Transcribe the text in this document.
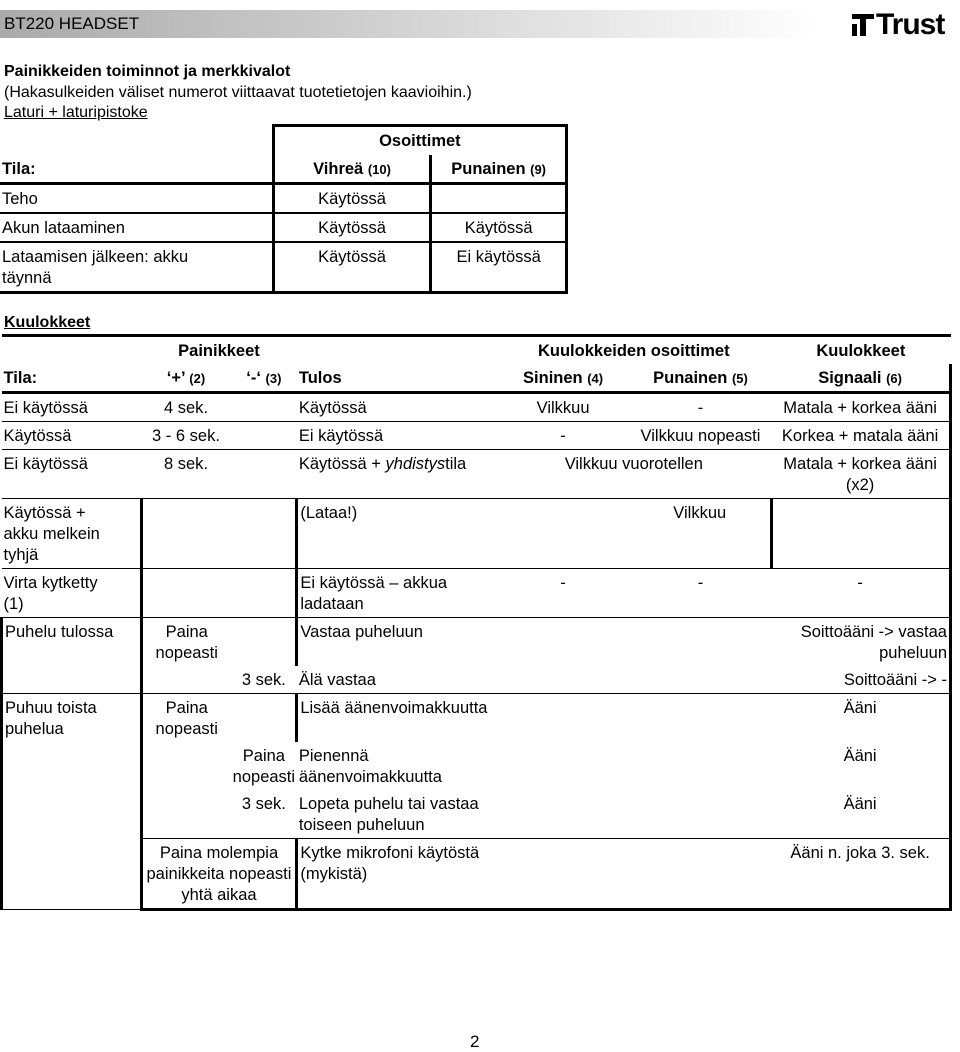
BT220 HEADSET	Trust
Painikkeiden toiminnot ja merkkivalot
(Hakasulkeiden väliset numerot viittaavat tuotetietojen kaavioihin.)
Laturi + laturipistoke
	Osoittimet	
Tila:	Vihreä (10)	Punainen (9)
Teho	Käytössä	
Akun lataaminen	Käytössä	Käytössä
Lataamisen jälkeen: akku täynnä	Käytössä	Ei käytössä
Kuulokkeet
	Painikkeet			Kuulokkeiden osoittimet		Kuulokkeet
Tila:	‘+’ (2)	‘-‘ (3)	Tulos	Sininen (4)	Punainen (5)	Signaali (6)
Ei käytössä	4 sek.		Käytössä	Vilkkuu	-	Matala + korkea ääni
Käytössä	3 - 6 sek.		Ei käytössä	-	Vilkkuu nopeasti	Korkea + matala ääni
Ei käytössä	8 sek.		Käytössä + yhdistystila	Vilkkuu vuorotellen		Matala + korkea ääni (x2)
Käytössä + akku melkein tyhjä			(Lataa!)		Vilkkuu	
Virta kytketty (1)			Ei käytössä – akkua ladataan	-	-	-
Puhelu tulossa	Paina nopeasti		Vastaa puheluun			Soittoääni -> vastaa puheluun
		3 sek.	Älä vastaa			Soittoääni -> -
Puhuu toista puhelua	Paina nopeasti		Lisää äänenvoimakkuutta			Ääni
		Paina nopeasti	Pienennä äänenvoimakkuutta			Ääni
		3 sek.	Lopeta puhelu tai vastaa toiseen puheluun			Ääni
	Paina molempia painikkeita nopeasti yhtä aikaa		Kytke mikrofoni käytöstä (mykistä)			Ääni n. joka 3. sek.
2
